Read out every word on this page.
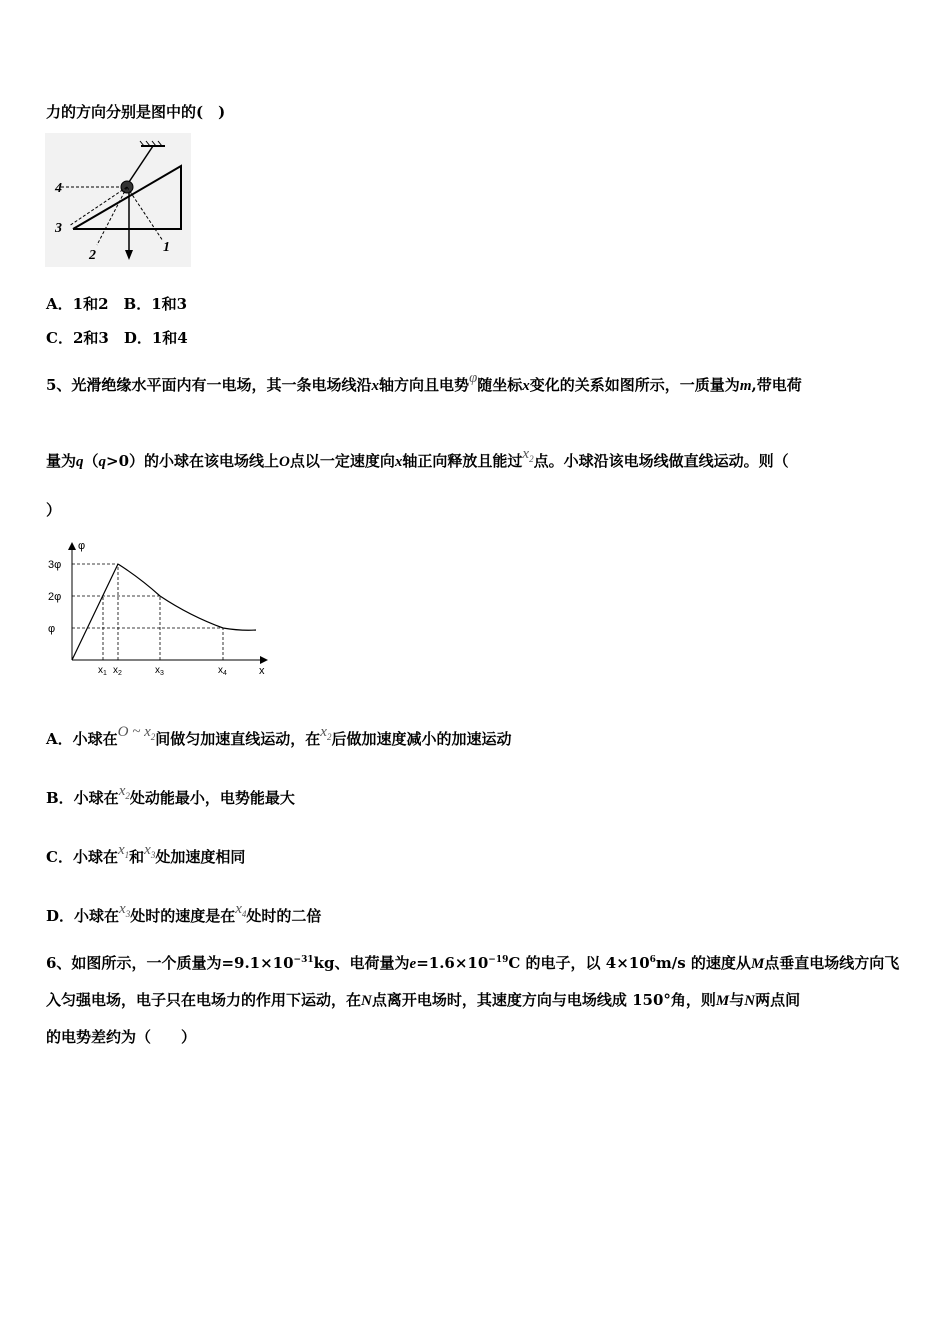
力的方向分别是图中的(　)
4
3
2
1
A．1和2　B．1和3
C．2和3　D．1和4
5、光滑绝缘水平面内有一电场，其一条电场线沿x轴方向且电势φ随坐标x变化的关系如图所示，一质量为m,带电荷
量为q（q>0）的小球在该电场线上O点以一定速度向x轴正向释放且能过$x_2$点。小球沿该电场线做直线运动。则（
）
φ
x
3φ
2φ
φ
$x_1$ $x_2$	$x_3$	$x_4$
A．小球在O ~ $x_2$间做匀加速直线运动，在$x_2$后做加速度减小的加速运动
B．小球在$x_2$处动能最小，电势能最大
C．小球在$x_1$和$x_3$处加速度相同
D．小球在$x_3$处时的速度是在$x_4$处时的二倍
6、如图所示，一个质量为$=9.1\times 10^{-31}kg$、电荷量为$e=1.6\times 10^{-19}C$ 的电子，以 $4\times 10^6m/s$ 的速度从M点垂直电场线方向飞
入匀强电场，电子只在电场力的作用下运动，在N点离开电场时，其速度方向与电场线成 150°角，则M与N两点间
的电势差约为（　　）
